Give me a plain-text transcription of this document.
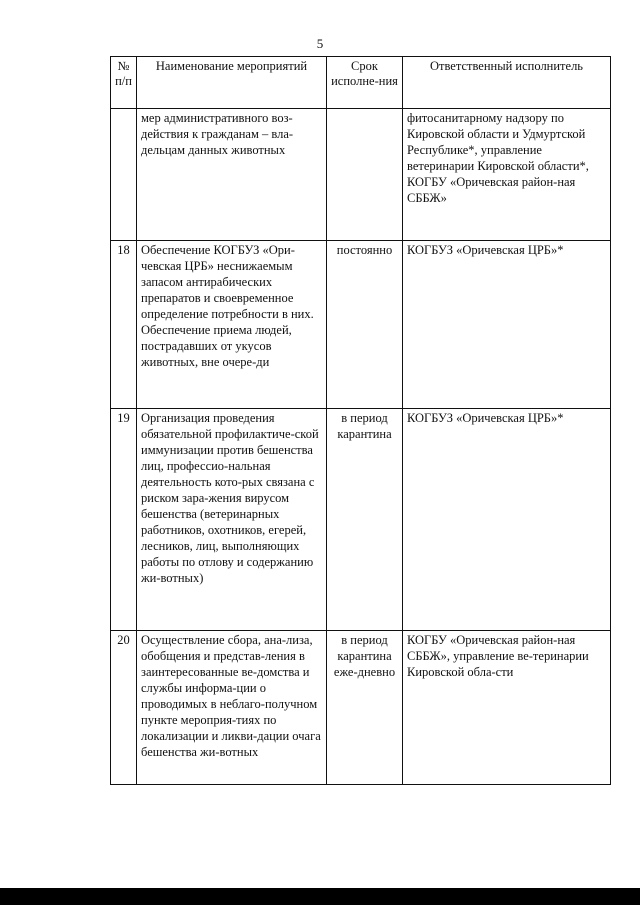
5
№ п/п	Наименование мероприятий	Срок исполне-ния	Ответственный исполнитель
	мер административного воз-действия к гражданам – вла-дельцам данных животных		фитосанитарному надзору по Кировской области и Удмуртской Республике*, управление ветеринарии Кировской области*, КОГБУ «Оричевская район-ная СББЖ»
18	Обеспечение КОГБУЗ «Ори-чевская ЦРБ» неснижаемым запасом антирабических препаратов и своевременное определение потребности в них. Обеспечение приема людей, пострадавших от укусов животных, вне очере-ди	постоянно	КОГБУЗ «Оричевская ЦРБ»*
19	Организация проведения обязательной профилактиче-ской иммунизации против бешенства лиц, профессио-нальная деятельность кото-рых связана с риском зара-жения вирусом бешенства (ветеринарных работников, охотников, егерей, лесников, лиц, выполняющих работы по отлову и содержанию жи-вотных)	в период карантина	КОГБУЗ «Оричевская ЦРБ»*
20	Осуществление сбора, ана-лиза, обобщения и представ-ления в заинтересованные ве-домства и службы информа-ции о проводимых в неблаго-получном пункте мероприя-тиях по локализации и ликви-дации очага бешенства жи-вотных	в период карантина еже-дневно	КОГБУ «Оричевская район-ная СББЖ», управление ве-теринарии Кировской обла-сти
